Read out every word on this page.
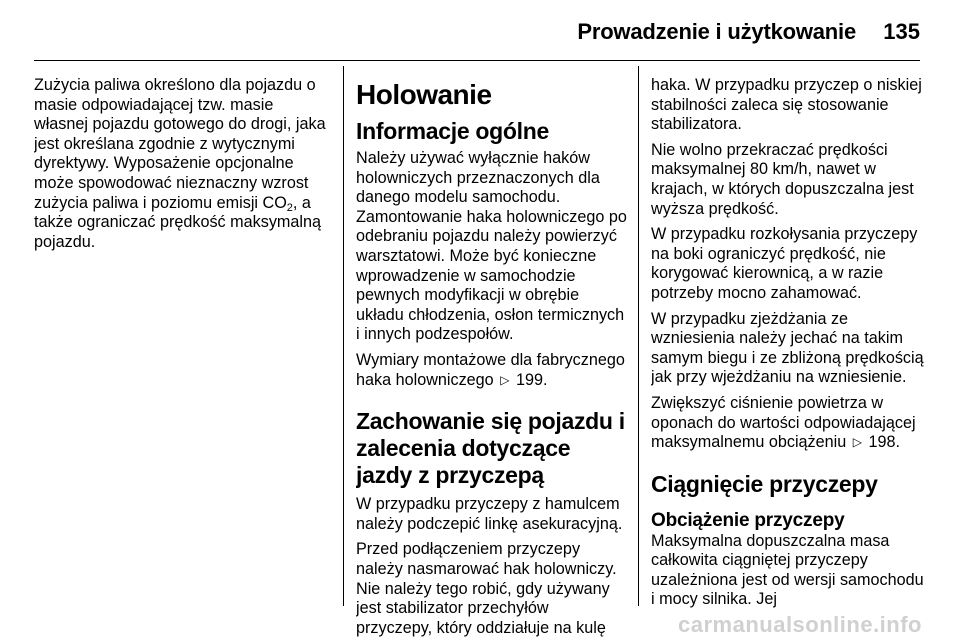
Prowadzenie i użytkowanie 135

Zużycia paliwa określono dla pojazdu o masie odpowiadającej tzw. masie własnej pojazdu gotowego do drogi, jaka jest określana zgodnie z wytycznymi dyrektywy. Wyposażenie opcjonalne może spowodować nieznaczny wzrost zużycia paliwa i poziomu emisji $CO_2$, a także ograniczać prędkość maksymalną pojazdu.

Holowanie
Informacje ogólne

Należy używać wyłącznie haków holowniczych przeznaczonych dla danego modelu samochodu. Zamontowanie haka holowniczego po odebraniu pojazdu należy powierzyć warsztatowi. Może być konieczne wprowadzenie w samochodzie pewnych modyfikacji w obrębie układu chłodzenia, osłon termicznych i innych podzespołów.

Wymiary montażowe dla fabrycznego haka holowniczego ▷ 199.

Zachowanie się pojazdu i zalecenia dotyczące jazdy z przyczepą

W przypadku przyczepy z hamulcem należy podczepić linkę asekuracyjną.

Przed podłączeniem przyczepy należy nasmarować hak holowniczy. Nie należy tego robić, gdy używany jest stabilizator przechyłów przyczepy, który oddziałuje na kulę

haka. W przypadku przyczep o niskiej stabilności zaleca się stosowanie stabilizatora.

Nie wolno przekraczać prędkości maksymalnej 80 km/h, nawet w krajach, w których dopuszczalna jest wyższa prędkość.

W przypadku rozkołysania przyczepy na boki ograniczyć prędkość, nie korygować kierownicą, a w razie potrzeby mocno zahamować.

W przypadku zjeżdżania ze wzniesienia należy jechać na takim samym biegu i ze zbliżoną prędkością jak przy wjeżdżaniu na wzniesienie.

Zwiększyć ciśnienie powietrza w oponach do wartości odpowiadającej maksymalnemu obciążeniu ▷ 198.

Ciągnięcie przyczepy
Obciążenie przyczepy

Maksymalna dopuszczalna masa całkowita ciągniętej przyczepy uzależniona jest od wersji samochodu i mocy silnika. Jej

carmanualsonline.info
